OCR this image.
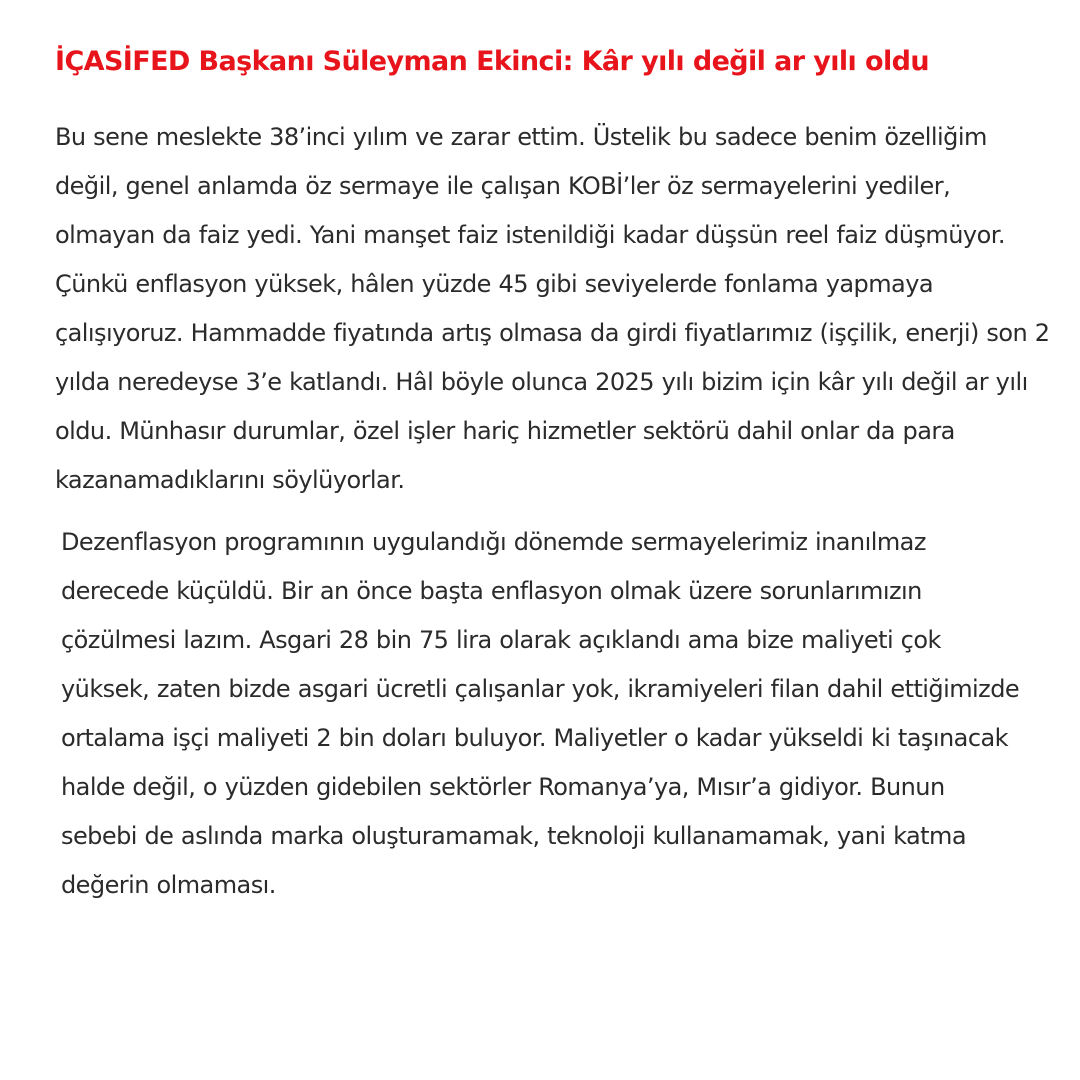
İÇASİFED Başkanı Süleyman Ekinci: Kâr yılı değil ar yılı oldu

Bu sene meslekte 38’inci yılım ve zarar ettim. Üstelik bu sadece benim özelliğim değil, genel anlamda öz sermaye ile çalışan KOBİ’ler öz sermayelerini yediler, olmayan da faiz yedi. Yani manşet faiz istenildiği kadar düşsün reel faiz düşmüyor. Çünkü enflasyon yüksek, hâlen yüzde 45 gibi seviyelerde fonlama yapmaya çalışıyoruz. Hammadde fiyatında artış olmasa da girdi fiyatlarımız (işçilik, enerji) son 2 yılda neredeyse 3’e katlandı. Hâl böyle olunca 2025 yılı bizim için kâr yılı değil ar yılı oldu. Münhasır durumlar, özel işler hariç hizmetler sektörü dahil onlar da para kazanamadıklarını söylüyorlar.

Dezenflasyon programının uygulandığı dönemde sermayelerimiz inanılmaz derecede küçüldü. Bir an önce başta enflasyon olmak üzere sorunlarımızın çözülmesi lazım. Asgari 28 bin 75 lira olarak açıklandı ama bize maliyeti çok yüksek, zaten bizde asgari ücretli çalışanlar yok, ikramiyeleri filan dahil ettiğimizde ortalama işçi maliyeti 2 bin doları buluyor. Maliyetler o kadar yükseldi ki taşınacak halde değil, o yüzden gidebilen sektörler Romanya’ya, Mısır’a gidiyor. Bunun sebebi de aslında marka oluşturamamak, teknoloji kullanamamak, yani katma değerin olmaması.
